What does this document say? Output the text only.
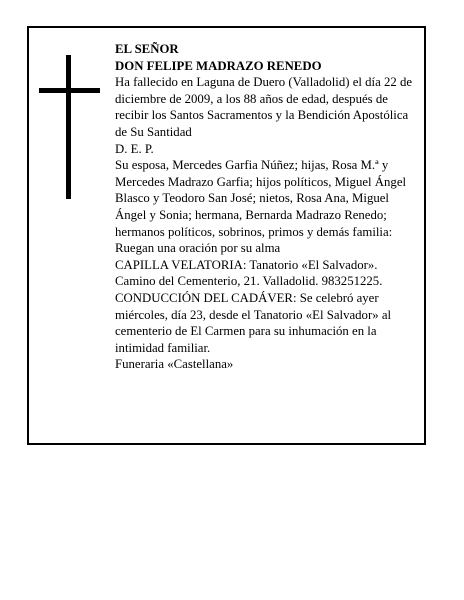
EL SEÑOR

DON FELIPE MADRAZO RENEDO

Ha fallecido en Laguna de Duero (Valladolid) el día 22 de diciembre de 2009, a los 88 años de edad, después de recibir los Santos Sacramentos y la Bendición Apostólica de Su Santidad

D. E. P.

Su esposa, Mercedes Garfia Núñez; hijas, Rosa M.ª y Mercedes Madrazo Garfia; hijos políticos, Miguel Ángel Blasco y Teodoro San José; nietos, Rosa Ana, Miguel Ángel y Sonia; hermana, Bernarda Madrazo Renedo; hermanos políticos, sobrinos, primos y demás familia:

Ruegan una oración por su alma

CAPILLA VELATORIA: Tanatorio «El Salvador». Camino del Cementerio, 21. Valladolid. 983251225.

CONDUCCIÓN DEL CADÁVER: Se celebró ayer miércoles, día 23, desde el Tanatorio «El Salvador» al cementerio de El Carmen para su inhumación en la intimidad familiar.

Funeraria «Castellana»
